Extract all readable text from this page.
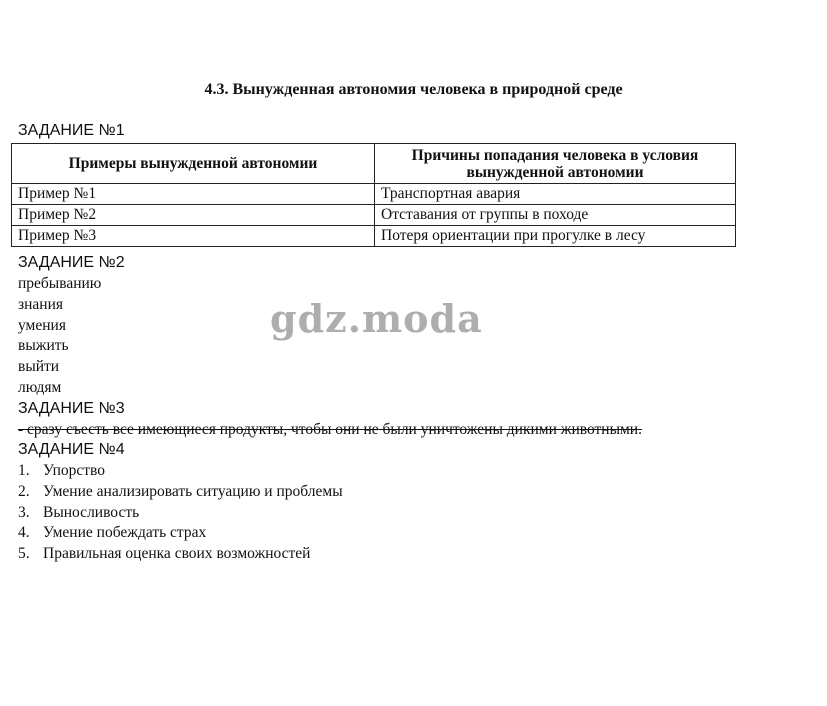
4.3. Вынужденная автономия человека в природной среде
ЗАДАНИЕ №1
Примеры вынужденной автономии	Причины попадания человека в условия вынужденной автономии
Пример №1	Транспортная авария
Пример №2	Отставания от группы в походе
Пример №3	Потеря ориентации при прогулке в лесу
ЗАДАНИЕ №2
пребыванию
знания
умения
выжить
выйти
людям
gdz.moda
ЗАДАНИЕ №3
- сразу съесть все имеющиеся продукты, чтобы они не были уничтожены дикими животными.
ЗАДАНИЕ №4
1. Упорство
2. Умение анализировать ситуацию и проблемы
3. Выносливость
4. Умение побеждать страх
5. Правильная оценка своих возможностей
